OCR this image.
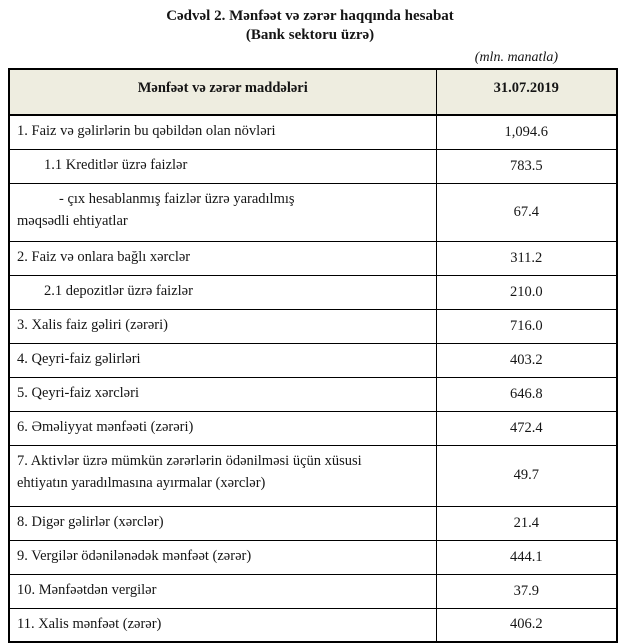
Cədvəl 2. Mənfəət və zərər haqqında hesabat
(Bank sektoru üzrə)
(mln. manatla)
Mənfəət və zərər maddələri	31.07.2019

1. Faiz və gəlirlərin bu qəbildən olan növləri	1,094.6

1.1 Kreditlər üzrə faizlər	783.5

- çıx hesablanmış faizlər üzrə yaradılmış
məqsədli ehtiyatlar	67.4

2. Faiz və onlara bağlı xərclər	311.2

2.1 depozitlər üzrə faizlər	210.0

3. Xalis faiz gəliri (zərəri)	716.0

4. Qeyri-faiz gəlirləri	403.2

5. Qeyri-faiz xərcləri	646.8

6. Əməliyyat mənfəəti (zərəri)	472.4

7. Aktivlər üzrə mümkün zərərlərin ödənilməsi üçün xüsusi
ehtiyatın yaradılmasına ayırmalar (xərclər)	49.7

8. Digər gəlirlər (xərclər)	21.4

9. Vergilər ödənilənədək mənfəət (zərər)	444.1

10. Mənfəətdən vergilər	37.9

11. Xalis mənfəət (zərər)	406.2
